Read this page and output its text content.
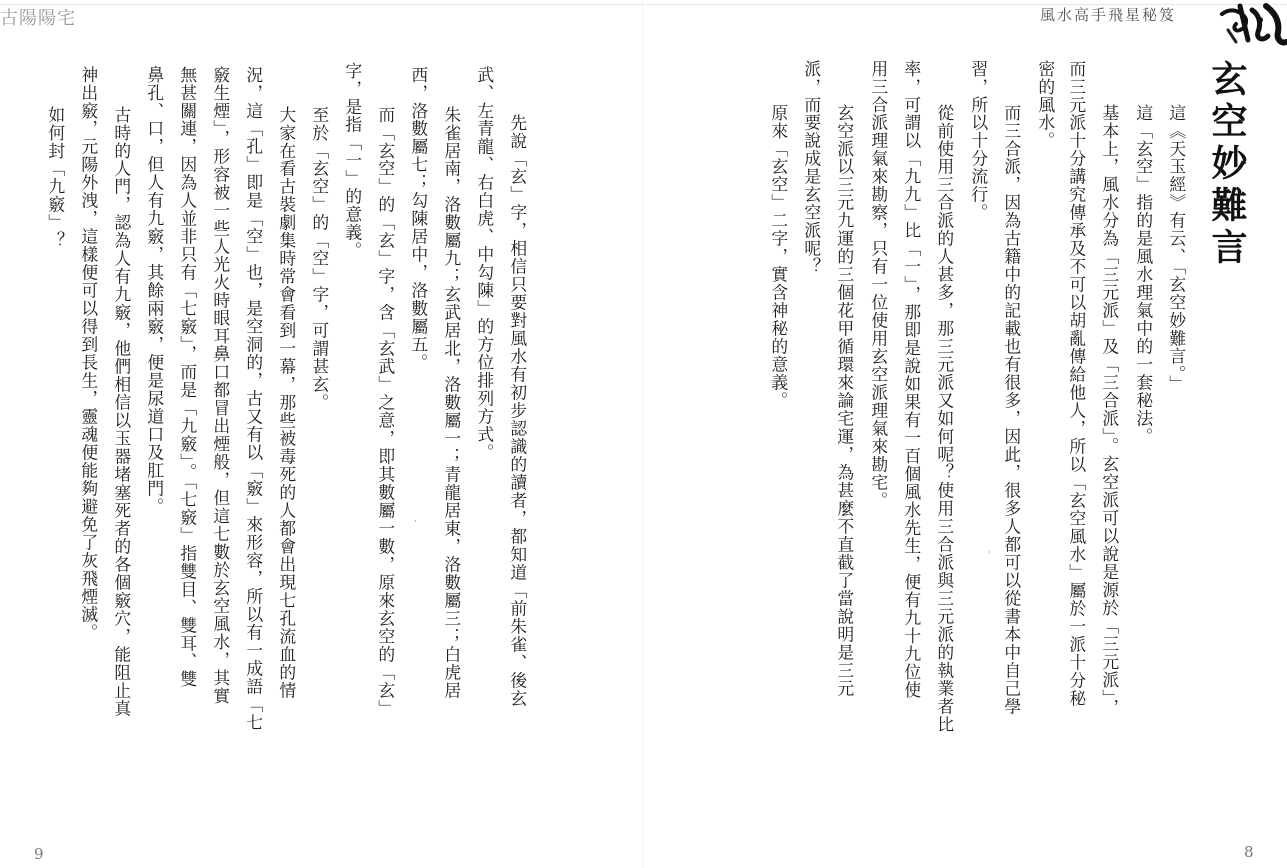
古陽陽宅	風水高手飛星秘笈
玄空妙難言
這《天玉經》有云、「玄空妙難言。」
這「玄空」指的是風水理氣中的一套秘法。
基本上，風水分為「三元派」及「三合派」。玄空派可以說是源於「三元派」，
而三元派十分講究傳承及不可以胡亂傳給他人，所以「玄空風水」屬於一派十分秘
密的風水。
而三合派，因為古籍中的記載也有很多，因此，很多人都可以從書本中自己學
習，所以十分流行。
從前使用三合派的人甚多，那三元派又如何呢？使用三合派與三元派的執業者比
率，可謂以「九九」比「一」，那即是說如果有一百個風水先生，便有九十九位使
用三合派理氣來勘察，只有一位使用玄空派理氣來勘宅。
玄空派以三元九運的三個花甲循環來論宅運，為甚麼不直截了當說明是三元
派，而要說成是玄空派呢？
原來「玄空」二字，實含神秘的意義。
先說「玄」字，相信只要對風水有初步認識的讀者，都知道「前朱雀、後玄
武、左青龍、右白虎、中勾陳」的方位排列方式。
朱雀居南，洛數屬九；玄武居北，洛數屬一；青龍居東，洛數屬三；白虎居
西，洛數屬七；勾陳居中，洛數屬五。
而「玄空」的「玄」字，含「玄武」之意，即其數屬一數，原來玄空的「玄」
字，是指「一」的意義。
至於「玄空」的「空」字，可謂甚玄。
大家在看古裝劇集時常會看到一幕，那些被毒死的人都會出現七孔流血的情
況，這「孔」即是「空」也，是空洞的，古又有以「竅」來形容，所以有一成語「七
竅生煙」，形容被一些人光火時眼耳鼻口都冒出煙般，但這七數於玄空風水，其實
無甚關連，因為人並非只有「七竅」，而是「九竅」。「七竅」指雙目、雙耳、雙
鼻孔、口，但人有九竅，其餘兩竅，便是尿道口及肛門。
古時的人門，認為人有九竅，他們相信以玉器堵塞死者的各個竅穴，能阻止真
神出竅，元陽外洩，這樣便可以得到長生，靈魂便能夠避免了灰飛煙滅。
如何封「九竅」？
9	8
·
·
